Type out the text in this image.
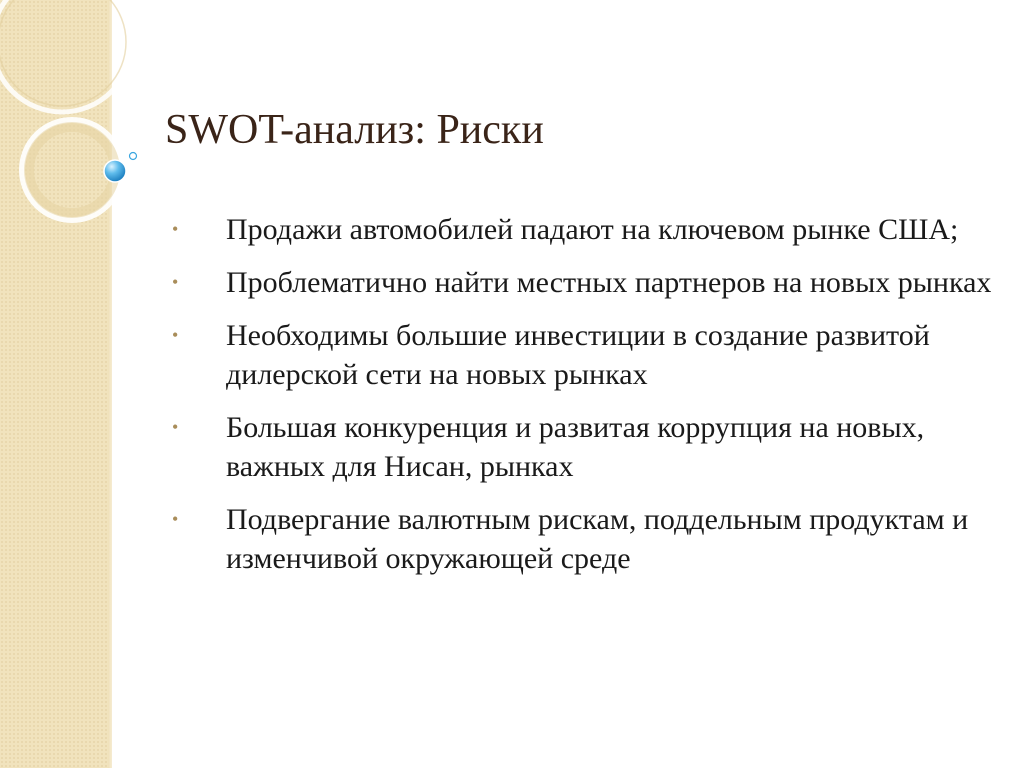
SWOT-анализ: Риски
• Продажи автомобилей падают на ключевом рынке США;
• Проблематично найти местных партнеров на новых рынках
• Необходимы большие инвестиции в создание развитой дилерской сети на новых рынках
• Большая конкуренция и развитая коррупция на новых, важных для Нисан, рынках
• Подвергание валютным рискам, поддельным продуктам и изменчивой окружающей среде
